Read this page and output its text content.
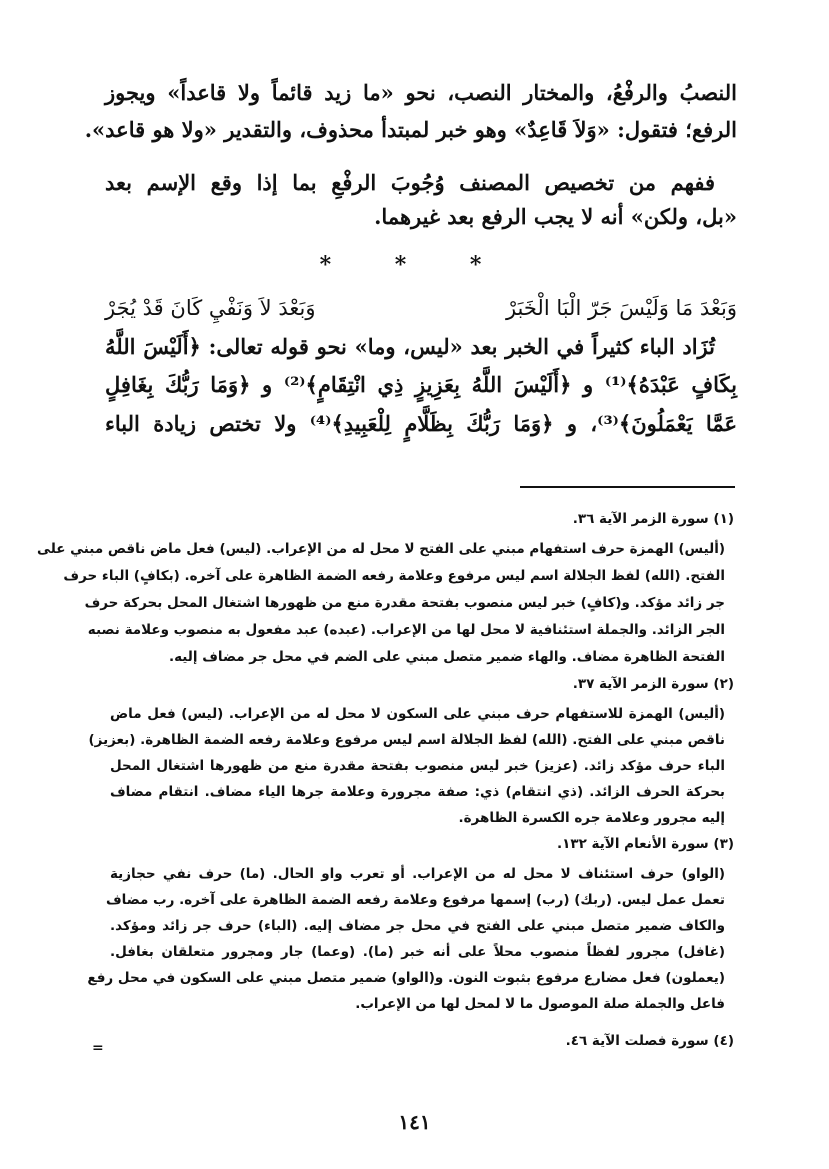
النصبُ والرفْعُ، والمختار النصب، نحو «ما زيد قائماً ولا قاعداً» ويجوز
الرفع؛ فتقول: «وَلاَ قَاعِدٌ» وهو خبر لمبتدأ محذوف، والتقدير «ولا هو قاعد».
ففهم من تخصيص المصنف وُجُوبَ الرفْعِ بما إذا وقع الإسم بعد
«بل، ولكن» أنه لا يجب الرفع بعد غيرهما.
* * *
وَبَعْدَ مَا وَلَيْسَ جَرّ الْبَا الْخَبَرْ
وَبَعْدَ لاَ وَنَفْيِ كَانَ قَدْ يُجَرْ
تُزَاد الباء كثيراً في الخبر بعد «ليس، وما» نحو قوله تعالى: ﴿أَلَيْسَ اللَّهُ
بِكَافٍ عَبْدَهُ﴾⁽¹⁾ و ﴿أَلَيْسَ اللَّهُ بِعَزِيزٍ ذِي انْتِقَامٍ﴾⁽²⁾ و ﴿وَمَا رَبُّكَ بِغَافِلٍ
عَمَّا يَعْمَلُونَ﴾⁽³⁾، و ﴿وَمَا رَبُّكَ بِظَلَّامٍ لِلْعَبِيدِ﴾⁽⁴⁾ ولا تختص زيادة الباء
(١) سورة الزمر الآية ٣٦.
(أليس) الهمزة حرف استفهام مبني على الفتح لا محل له من الإعراب. (ليس) فعل ماض ناقص مبني على
الفتح. (الله) لفظ الجلالة اسم ليس مرفوع وعلامة رفعه الضمة الظاهرة على آخره. (بكافٍ) الباء حرف
جر زائد مؤكد. و(كافٍ) خبر ليس منصوب بفتحة مقدرة منع من ظهورها اشتغال المحل بحركة حرف
الجر الزائد. والجملة استئنافية لا محل لها من الإعراب. (عبده) عبد مفعول به منصوب وعلامة نصبه
الفتحة الظاهرة مضاف. والهاء ضمير متصل مبني على الضم في محل جر مضاف إليه.
(٢) سورة الزمر الآية ٣٧.
(أليس) الهمزة للاستفهام حرف مبني على السكون لا محل له من الإعراب. (ليس) فعل ماض
ناقص مبني على الفتح. (الله) لفظ الجلالة اسم ليس مرفوع وعلامة رفعه الضمة الظاهرة. (بعزيز)
الباء حرف مؤكد زائد. (عزيز) خبر ليس منصوب بفتحة مقدرة منع من ظهورها اشتغال المحل
بحركة الحرف الزائد. (ذي انتقام) ذي: صفة مجرورة وعلامة جرها الياء مضاف. انتقام مضاف
إليه مجرور وعلامة جره الكسرة الظاهرة.
(٣) سورة الأنعام الآية ١٣٢.
(الواو) حرف استئناف لا محل له من الإعراب. أو تعرب واو الحال. (ما) حرف نفي حجازية
تعمل عمل ليس. (ربك) (رب) إسمها مرفوع وعلامة رفعه الضمة الظاهرة على آخره. رب مضاف
والكاف ضمير متصل مبني على الفتح في محل جر مضاف إليه. (الباء) حرف جر زائد ومؤكد.
(غافل) مجرور لفظاً منصوب محلاً على أنه خبر (ما). (وعما) جار ومجرور متعلقان بغافل.
(يعملون) فعل مضارع مرفوع بثبوت النون. و(الواو) ضمير متصل مبني على السكون في محل رفع
فاعل والجملة صلة الموصول ما لا لمحل لها من الإعراب.
(٤) سورة فصلت الآية ٤٦.
=
١٤١
